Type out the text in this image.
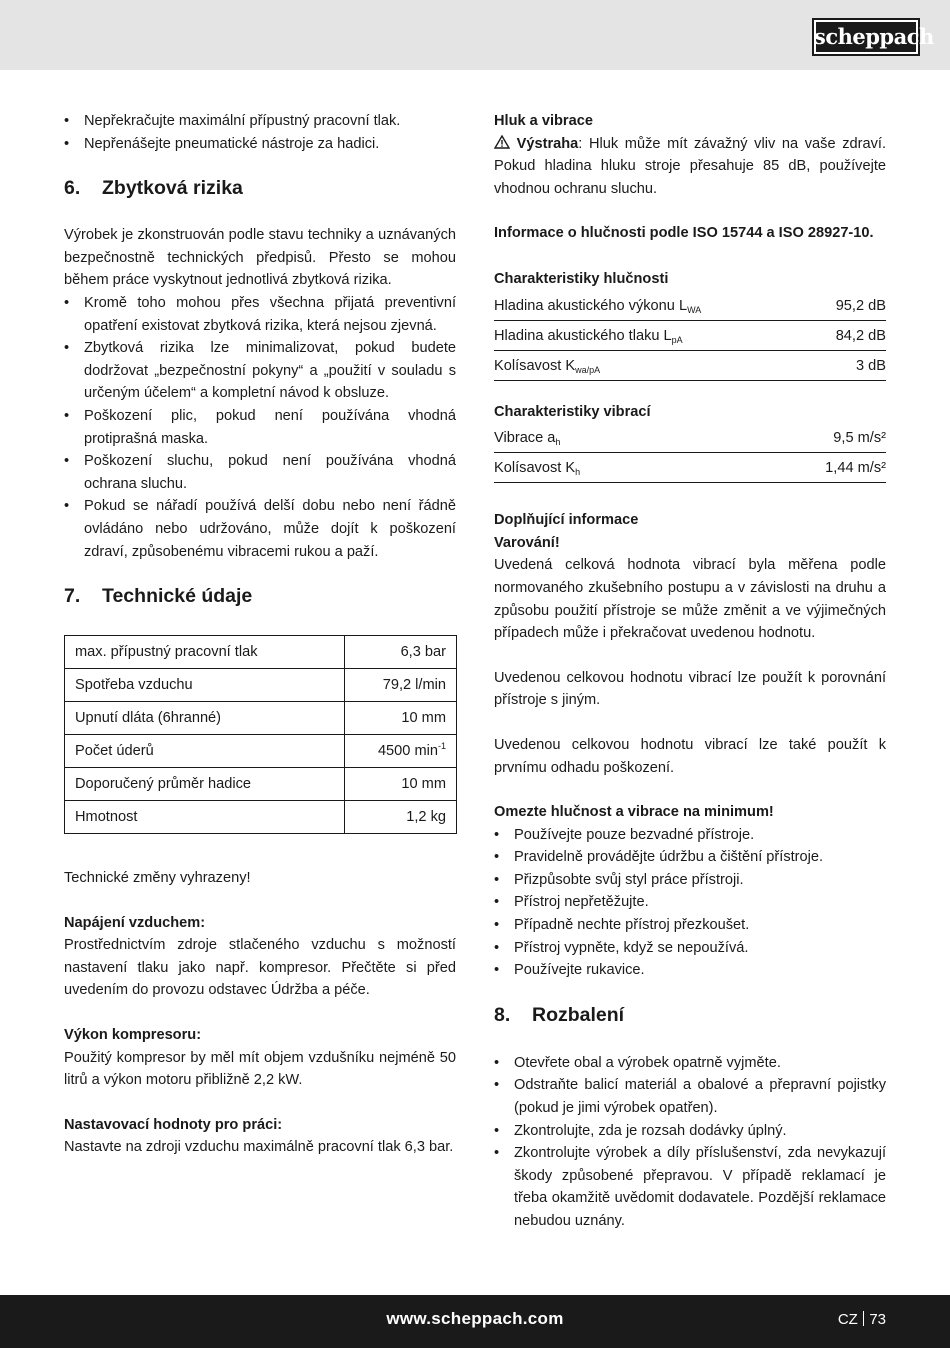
scheppach
• Nepřekračujte maximální přípustný pracovní tlak.
• Nepřenášejte pneumatické nástroje za hadici.
6. Zbytková rizika

Výrobek je zkonstruován podle stavu techniky a uznávaných bezpečnostně technických předpisů. Přesto se mohou během práce vyskytnout jednotlivá zbytková rizika.

• Kromě toho mohou přes všechna přijatá preventivní opatření existovat zbytková rizika, která nejsou zjevná.
• Zbytková rizika lze minimalizovat, pokud budete dodržovat „bezpečnostní pokyny“ a „použití v souladu s určeným účelem“ a kompletní návod k obsluze.
• Poškození plic, pokud není používána vhodná protiprašná maska.
• Poškození sluchu, pokud není používána vhodná ochrana sluchu.
• Pokud se nářadí používá delší dobu nebo není řádně ovládáno nebo udržováno, může dojít k poškození zdraví, způsobenému vibracemi rukou a paží.
7. Technické údaje
max. přípustný pracovní tlak	6,3 bar
Spotřeba vzduchu	79,2 l/min
Upnutí dláta (6hranné)	10 mm
Počet úderů	4500 $\min^{-1}$
Doporučený průměr hadice	10 mm
Hmotnost	1,2 kg

Technické změny vyhrazeny!

Napájení vzduchem:

Prostřednictvím zdroje stlačeného vzduchu s možností nastavení tlaku jako např. kompresor. Přečtěte si před uvedením do provozu odstavec Údržba a péče.

Výkon kompresoru:

Použitý kompresor by měl mít objem vzdušníku nejméně 50 litrů a výkon motoru přibližně 2,2 kW.

Nastavovací hodnoty pro práci:

Nastavte na zdroji vzduchu maximálně pracovní tlak 6,3 bar.

Hluk a vibrace

Výstraha: Hluk může mít závažný vliv na vaše zdraví. Pokud hladina hluku stroje přesahuje 85 dB, používejte vhodnou ochranu sluchu.

Informace o hlučnosti podle ISO 15744 a ISO 28927-10.

Charakteristiky hlučnosti

Hladina akustického výkonu $L_{WA}$	95,2 dB
Hladina akustického tlaku $L_{pA}$	84,2 dB
Kolísavost $K_{wa/pA}$	3 dB

Charakteristiky vibrací

Vibrace $a_h$	9,5 m/s²
Kolísavost $K_h$	1,44 m/s²

Doplňující informace

Varování!

Uvedená celková hodnota vibrací byla měřena podle normovaného zkušebního postupu a v závislosti na druhu a způsobu použití přístroje se může změnit a ve výjimečných případech může i překračovat uvedenou hodnotu.

Uvedenou celkovou hodnotu vibrací lze použít k porovnání přístroje s jiným.

Uvedenou celkovou hodnotu vibrací lze také použít k prvnímu odhadu poškození.

Omezte hlučnost a vibrace na minimum!

• Používejte pouze bezvadné přístroje.
• Pravidelně provádějte údržbu a čištění přístroje.
• Přizpůsobte svůj styl práce přístroji.
• Přístroj nepřetěžujte.
• Případně nechte přístroj přezkoušet.
• Přístroj vypněte, když se nepoužívá.
• Používejte rukavice.
8. Rozbalení
• Otevřete obal a výrobek opatrně vyjměte.
• Odstraňte balicí materiál a obalové a přepravní pojistky (pokud je jimi výrobek opatřen).
• Zkontrolujte, zda je rozsah dodávky úplný.
• Zkontrolujte výrobek a díly příslušenství, zda nevykazují škody způsobené přepravou. V případě reklamací je třeba okamžitě uvědomit dodavatele. Pozdější reklamace nebudou uznány.
www.scheppach.com	CZ 73
